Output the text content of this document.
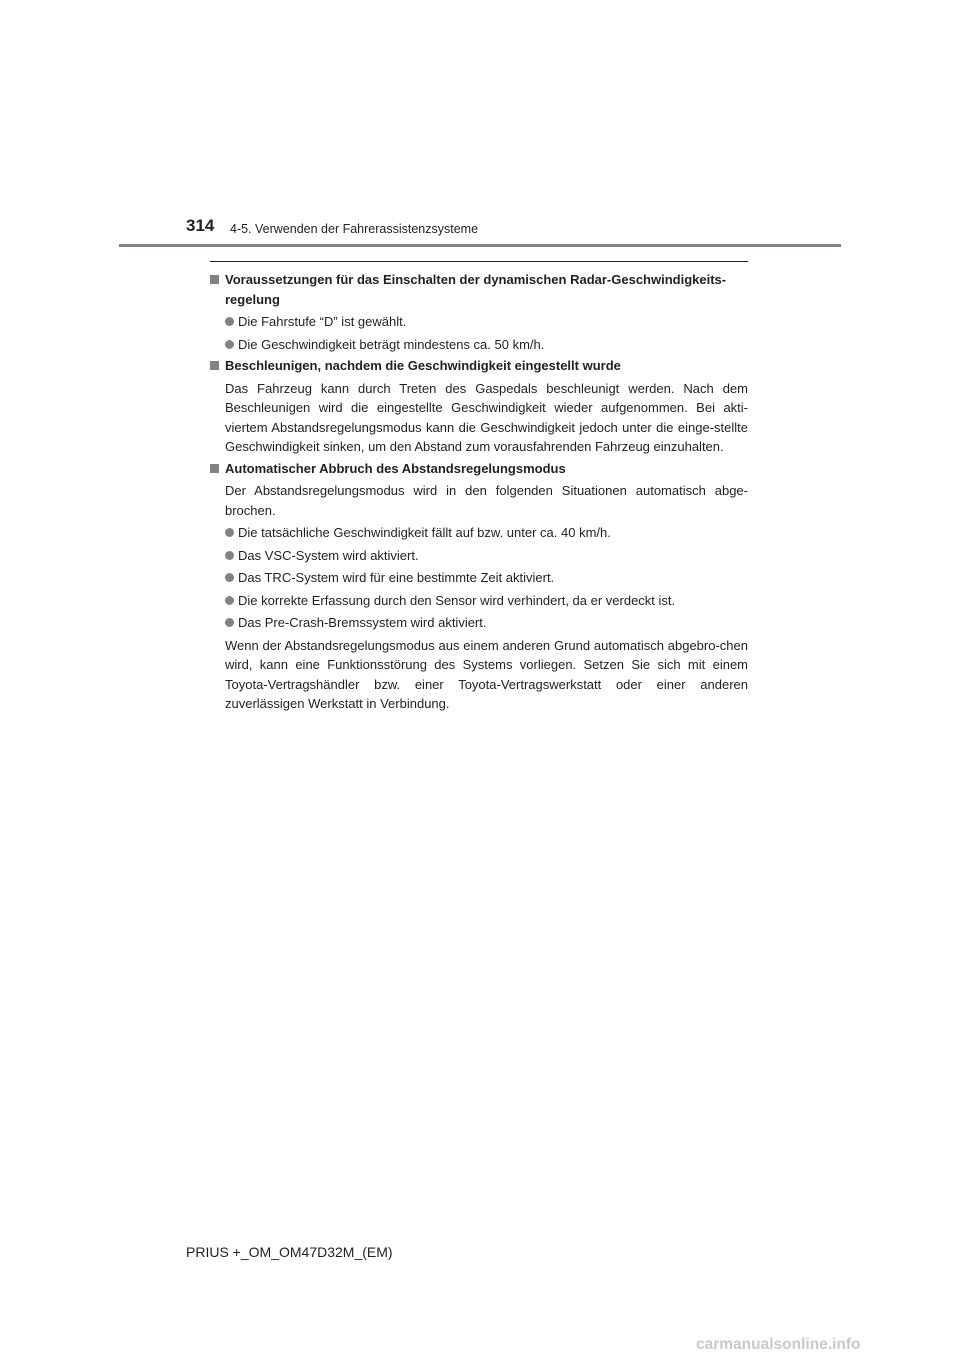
314 4-5. Verwenden der Fahrerassistenzsysteme
Voraussetzungen für das Einschalten der dynamischen Radar-Geschwindigkeits-regelung
Die Fahrstufe “D” ist gewählt.
Die Geschwindigkeit beträgt mindestens ca. 50 km/h.
Beschleunigen, nachdem die Geschwindigkeit eingestellt wurde
Das Fahrzeug kann durch Treten des Gaspedals beschleunigt werden. Nach dem Beschleunigen wird die eingestellte Geschwindigkeit wieder aufgenommen. Bei akti-viertem Abstandsregelungsmodus kann die Geschwindigkeit jedoch unter die einge-stellte Geschwindigkeit sinken, um den Abstand zum vorausfahrenden Fahrzeug einzuhalten.
Automatischer Abbruch des Abstandsregelungsmodus
Der Abstandsregelungsmodus wird in den folgenden Situationen automatisch abge-brochen.
Die tatsächliche Geschwindigkeit fällt auf bzw. unter ca. 40 km/h.
Das VSC-System wird aktiviert.
Das TRC-System wird für eine bestimmte Zeit aktiviert.
Die korrekte Erfassung durch den Sensor wird verhindert, da er verdeckt ist.
Das Pre-Crash-Bremssystem wird aktiviert.
Wenn der Abstandsregelungsmodus aus einem anderen Grund automatisch abgebro-chen wird, kann eine Funktionsstörung des Systems vorliegen. Setzen Sie sich mit einem Toyota-Vertragshändler bzw. einer Toyota-Vertragswerkstatt oder einer anderen zuverlässigen Werkstatt in Verbindung.
PRIUS +_OM_OM47D32M_(EM)
carmanualsonline.info
